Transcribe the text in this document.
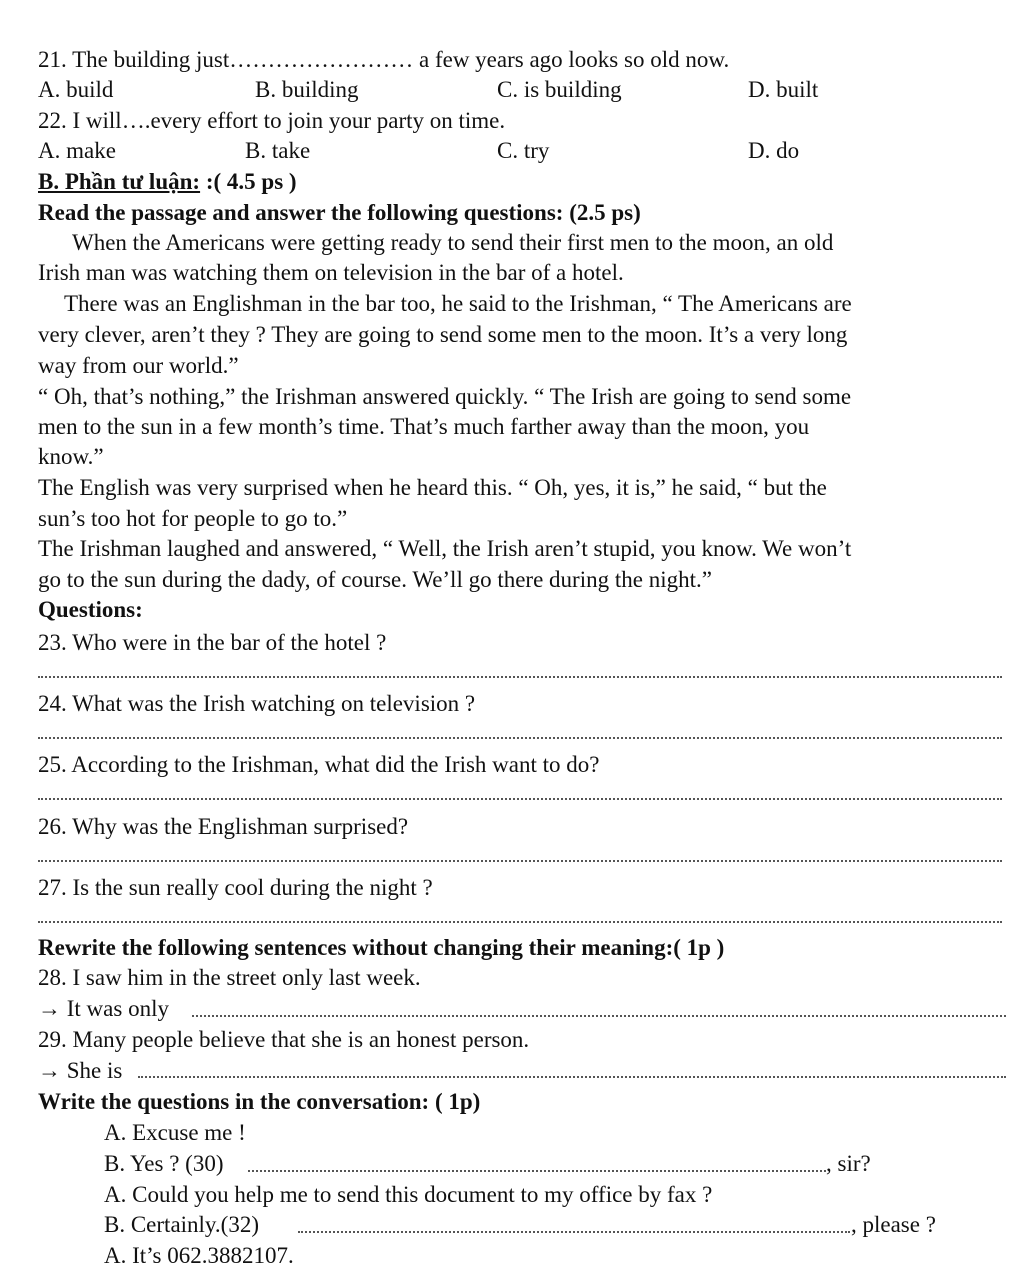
21. The building just…………………… a few years ago looks so old now.
A. build	B. building	C. is building	D. built
22. I will….every effort to join your party on time.
A. make	B. take	C. try	D. do
B. Phần tư luận: :( 4.5 ps )
Read the passage and answer the following questions: (2.5 ps)
When the Americans were getting ready to send their first men to the moon, an old
Irish man was watching them on television in the bar of a hotel.
There was an Englishman in the bar too, he said to the Irishman, “ The Americans are
very clever, aren’t they ? They are going to send some men to the moon. It’s a very long
way from our world.”
“ Oh, that’s nothing,” the Irishman answered quickly. “ The Irish are going to send some
men to the sun in a few month’s time. That’s much farther away than the moon, you
know.”
The English was very surprised when he heard this. “ Oh, yes, it is,” he said, “ but the
sun’s too hot for people to go to.”
The Irishman laughed and answered, “ Well, the Irish aren’t stupid, you know. We won’t
go to the sun during the dady, of course. We’ll go there during the night.”
Questions:
23. Who were in the bar of the hotel ?
24. What was the Irish watching on television ?
25. According to the Irishman, what did the Irish want to do?
26. Why was the Englishman surprised?
27. Is the sun really cool during the night ?
Rewrite the following sentences without changing their meaning:( 1p )
28. I saw him in the street only last week.
→ It was only
29. Many people believe that she is an honest person.
→ She is
Write the questions in the conversation: ( 1p)
A. Excuse me !
B. Yes ? (30)	, sir?
A. Could you help me to send this document to my office by fax ?
B. Certainly.(32)	, please ?
A. It’s 062.3882107.
